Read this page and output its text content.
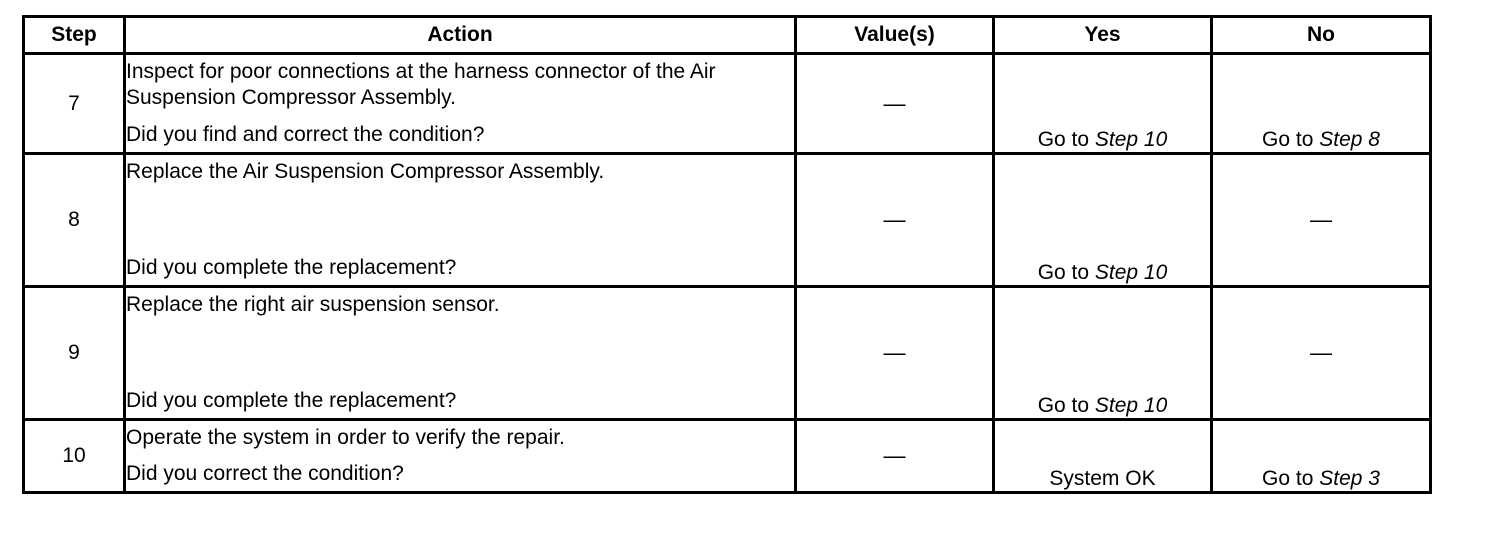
Step	Action	Value(s)	Yes	No
7	Inspect for poor connections at the harness connector of the Air Suspension Compressor Assembly.
Did you find and correct the condition?	—	Go to Step 10	Go to Step 8
8	Replace the Air Suspension Compressor Assembly.
Did you complete the replacement?	—	Go to Step 10	—
9	Replace the right air suspension sensor.
Did you complete the replacement?	—	Go to Step 10	—
10	Operate the system in order to verify the repair.
Did you correct the condition?	—	System OK	Go to Step 3
